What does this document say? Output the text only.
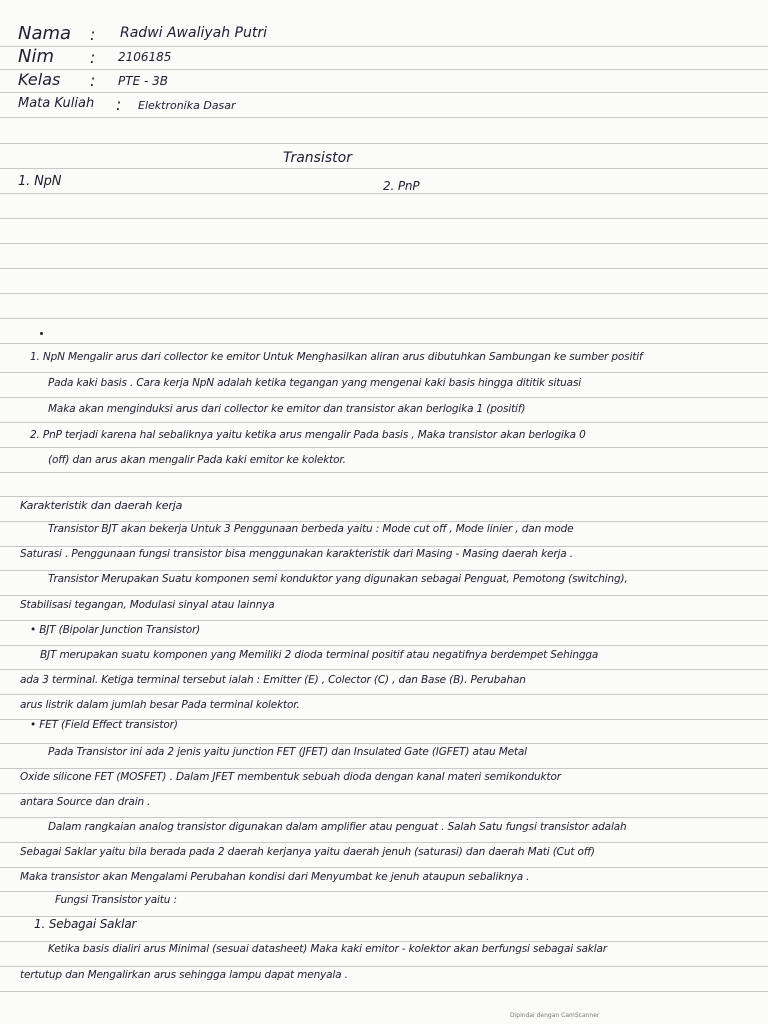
Nama : Radwi Awaliyah Putri
Nim : 2106185
Kelas : PTE - 3B
Mata Kuliah : Elektronika Dasar
Transistor
1. NpN	2. PnP
1. NpN Mengalir arus dari collector ke emitor Untuk Menghasilkan aliran arus dibutuhkan Sambungan ke sumber positif
Pada kaki basis . Cara kerja NpN adalah ketika tegangan yang mengenai kaki basis hingga dititik situasi
Maka akan menginduksi arus dari collector ke emitor dan transistor akan berlogika 1 (positif)
2. PnP terjadi karena hal sebaliknya yaitu ketika arus mengalir Pada basis , Maka transistor akan berlogika 0
(off) dan arus akan mengalir Pada kaki emitor ke kolektor.
Karakteristik dan daerah kerja
Transistor BJT akan bekerja Untuk 3 Penggunaan berbeda yaitu : Mode cut off , Mode linier , dan mode
Saturasi . Penggunaan fungsi transistor bisa menggunakan karakteristik dari Masing - Masing daerah kerja .
Transistor Merupakan Suatu komponen semi konduktor yang digunakan sebagai Penguat, Pemotong (switching),
Stabilisasi tegangan, Modulasi sinyal atau lainnya
• BJT (Bipolar Junction Transistor)
BJT merupakan suatu komponen yang Memiliki 2 dioda terminal positif atau negatifnya berdempet Sehingga
ada 3 terminal. Ketiga terminal tersebut ialah : Emitter (E) , Colector (C) , dan Base (B). Perubahan
arus listrik dalam jumlah besar Pada terminal kolektor.
• FET (Field Effect transistor)
Pada Transistor ini ada 2 jenis yaitu junction FET (JFET) dan Insulated Gate (IGFET) atau Metal
Oxide silicone FET (MOSFET) . Dalam JFET membentuk sebuah dioda dengan kanal materi semikonduktor
antara Source dan drain .
Dalam rangkaian analog transistor digunakan dalam amplifier atau penguat . Salah Satu fungsi transistor adalah
Sebagai Saklar yaitu bila berada pada 2 daerah kerjanya yaitu daerah jenuh (saturasi) dan daerah Mati (Cut off)
Maka transistor akan Mengalami Perubahan kondisi dari Menyumbat ke jenuh ataupun sebaliknya .
Fungsi Transistor yaitu :
1. Sebagai Saklar
Ketika basis dialiri arus Minimal (sesuai datasheet) Maka kaki emitor - kolektor akan berfungsi sebagai saklar
tertutup dan Mengalirkan arus sehingga lampu dapat menyala .
Dipindai dengan CamScanner
